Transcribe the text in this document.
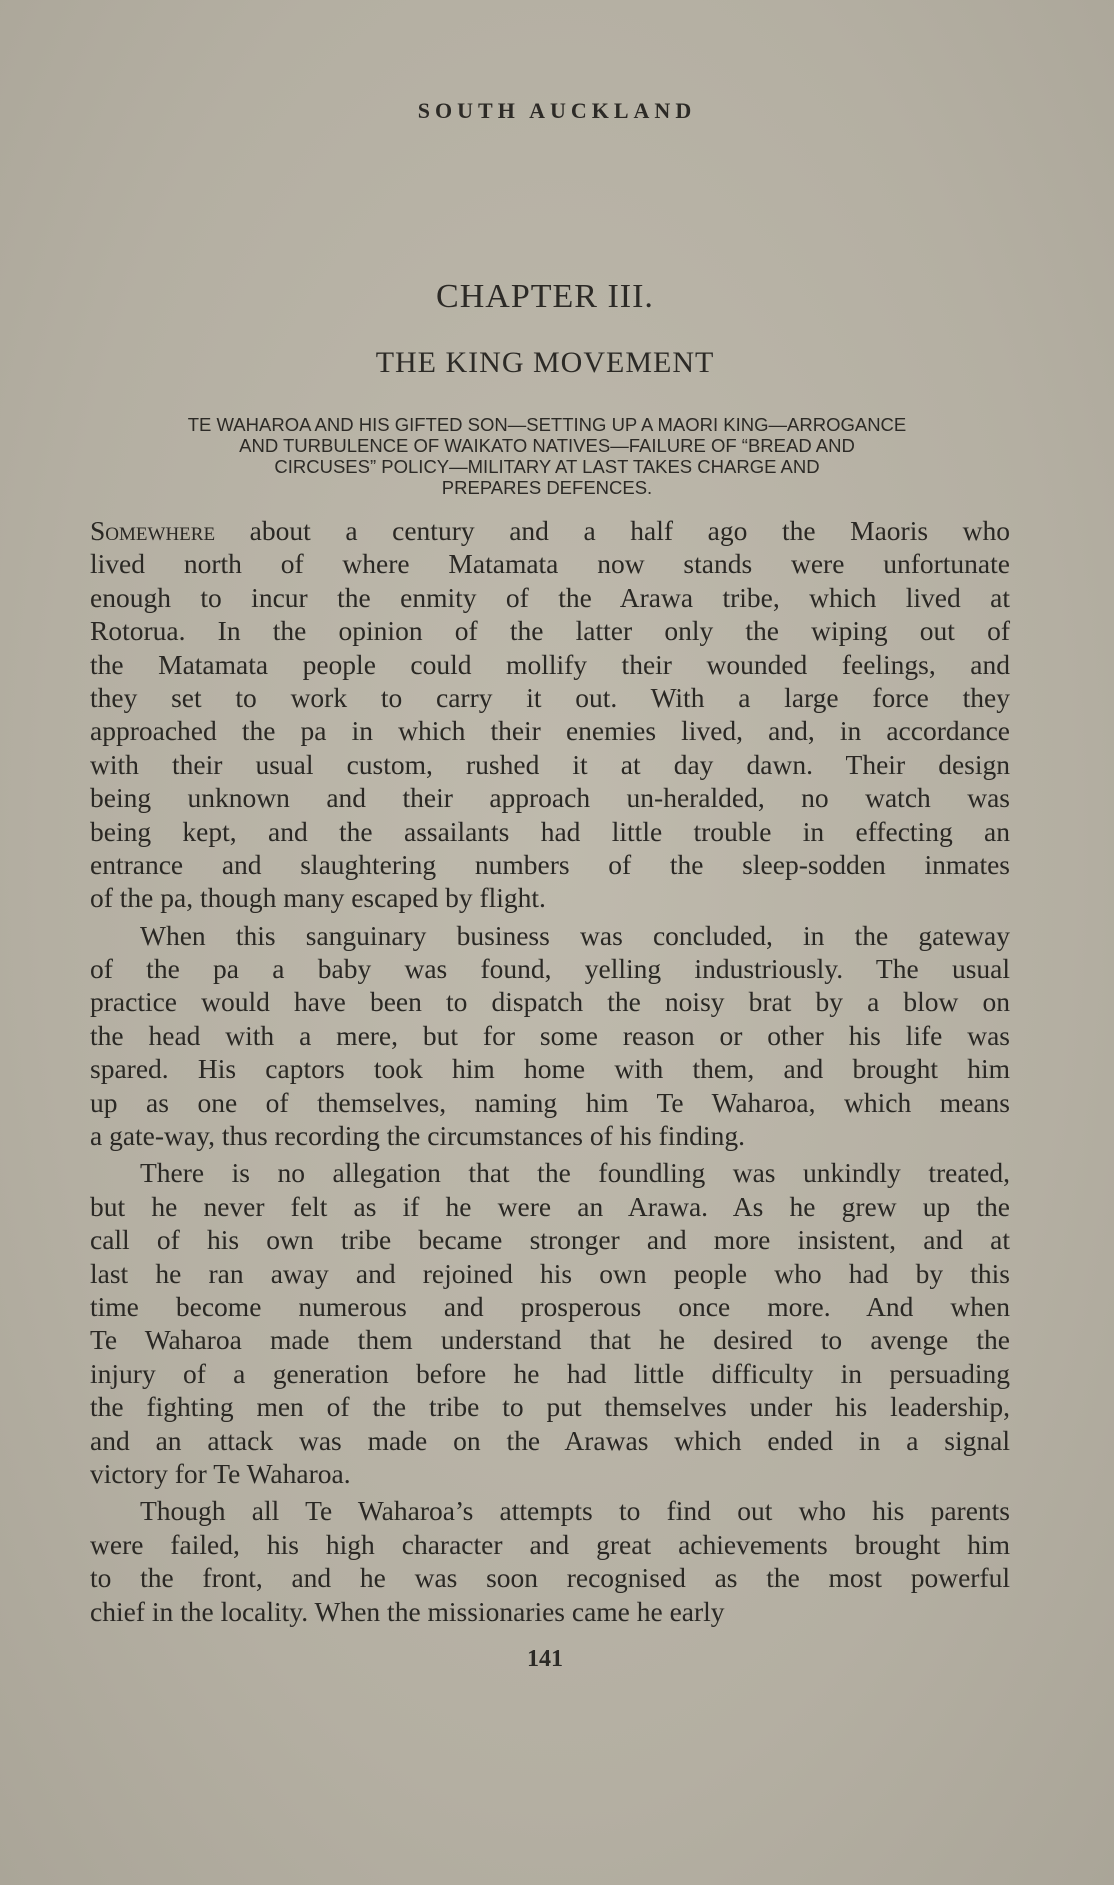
SOUTH AUCKLAND
CHAPTER III.
THE KING MOVEMENT
TE WAHAROA AND HIS GIFTED SON—SETTING UP A MAORI KING—ARROGANCE
AND TURBULENCE OF WAIKATO NATIVES—FAILURE OF “BREAD AND
CIRCUSES” POLICY—MILITARY AT LAST TAKES CHARGE AND
PREPARES DEFENCES.
Somewhere about a century and a half ago the Maoris who
lived north of where Matamata now stands were unfortunate
enough to incur the enmity of the Arawa tribe, which lived at
Rotorua. In the opinion of the latter only the wiping out of
the Matamata people could mollify their wounded feelings, and
they set to work to carry it out. With a large force they
approached the pa in which their enemies lived, and, in accordance
with their usual custom, rushed it at day dawn. Their design
being unknown and their approach un-heralded, no watch was
being kept, and the assailants had little trouble in effecting an
entrance and slaughtering numbers of the sleep-sodden inmates
of the pa, though many escaped by flight.
When this sanguinary business was concluded, in the gateway
of the pa a baby was found, yelling industriously. The usual
practice would have been to dispatch the noisy brat by a blow on
the head with a mere, but for some reason or other his life was
spared. His captors took him home with them, and brought him
up as one of themselves, naming him Te Waharoa, which means
a gate-way, thus recording the circumstances of his finding.
There is no allegation that the foundling was unkindly treated,
but he never felt as if he were an Arawa. As he grew up the
call of his own tribe became stronger and more insistent, and at
last he ran away and rejoined his own people who had by this
time become numerous and prosperous once more. And when
Te Waharoa made them understand that he desired to avenge the
injury of a generation before he had little difficulty in persuading
the fighting men of the tribe to put themselves under his leadership,
and an attack was made on the Arawas which ended in a signal
victory for Te Waharoa.
Though all Te Waharoa’s attempts to find out who his parents
were failed, his high character and great achievements brought him
to the front, and he was soon recognised as the most powerful
chief in the locality. When the missionaries came he early
141
